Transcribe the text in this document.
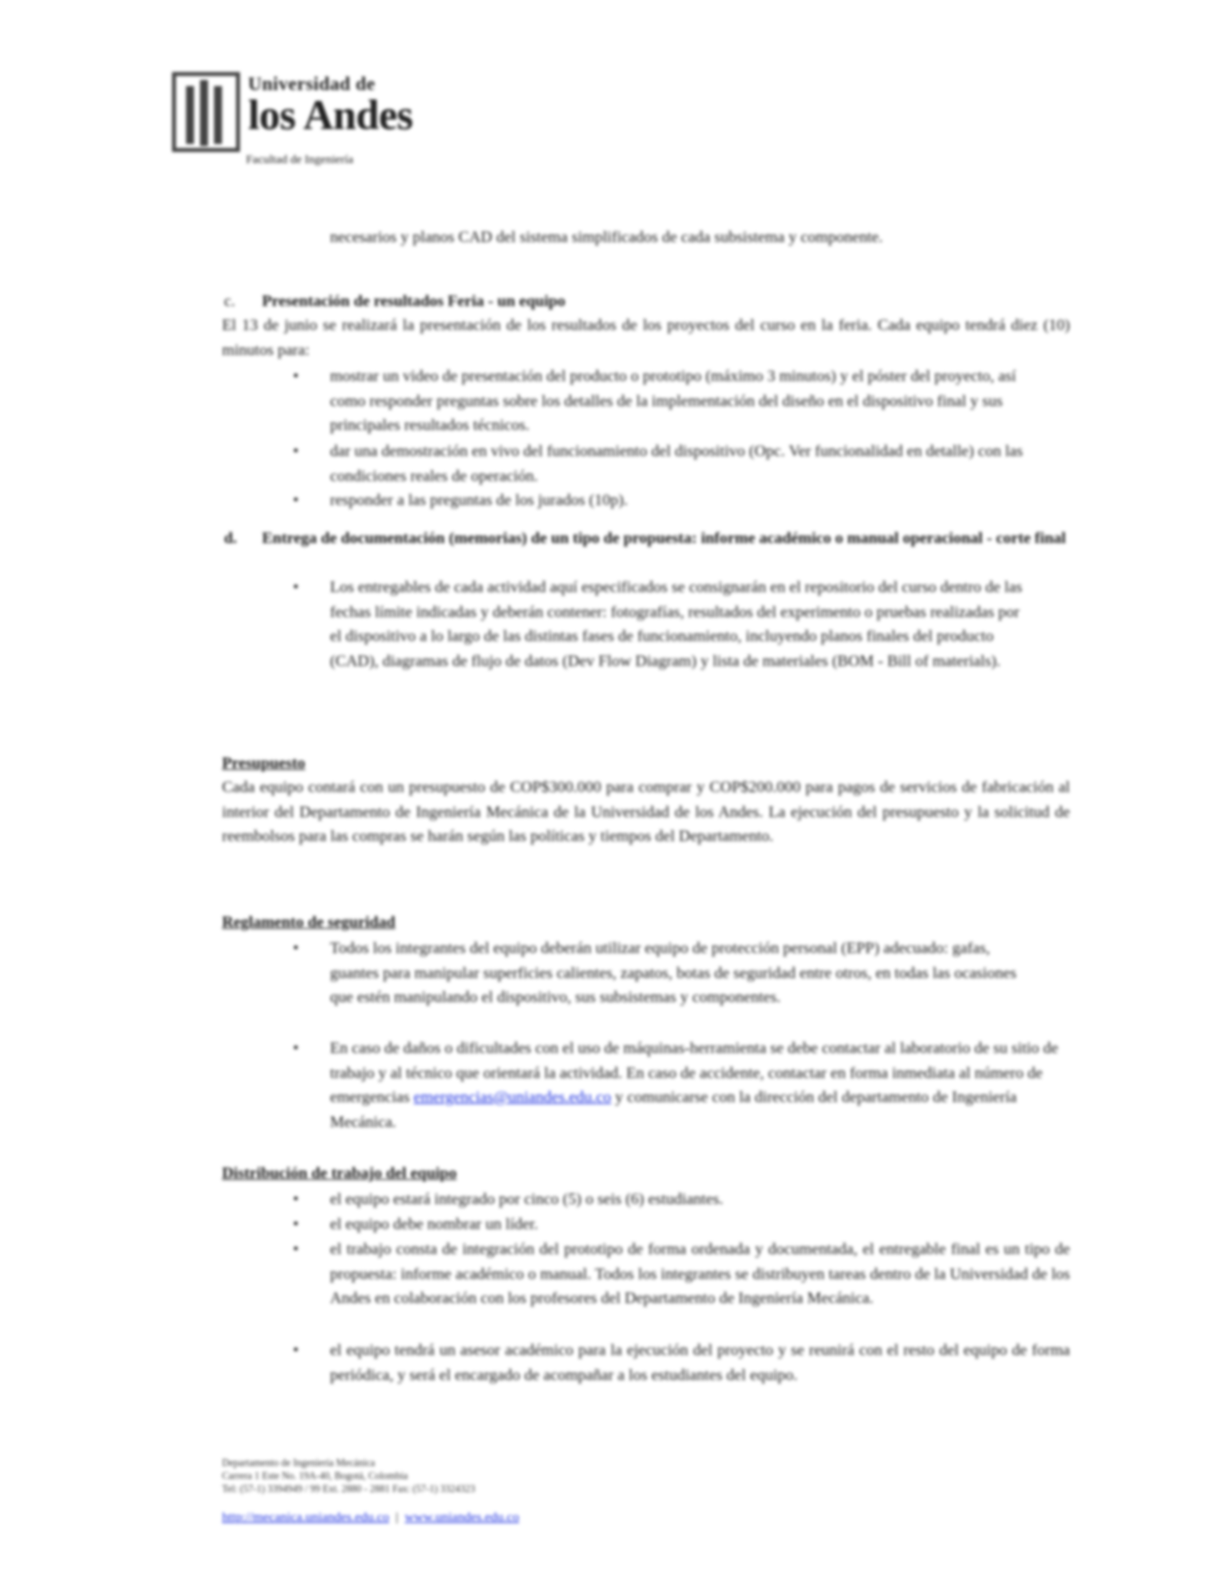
Universidad de
los Andes
Facultad de Ingeniería

necesarios y planos CAD del sistema simplificados de cada subsistema y componente.

c. Presentación de resultados Feria - un equipo

El 13 de junio se realizará la presentación de los resultados de los proyectos del curso en la feria. Cada equipo tendrá diez (10) minutos para:

• mostrar un video de presentación del producto o prototipo (máximo 3 minutos) y el póster del proyecto, así como responder preguntas sobre los detalles de la implementación del diseño en el dispositivo final y sus principales resultados técnicos.

• dar una demostración en vivo del funcionamiento del dispositivo (Opc. Ver funcionalidad en detalle) con las condiciones reales de operación.

• responder a las preguntas de los jurados (10p).

d. Entrega de documentación (memorias) de un tipo de propuesta: informe académico o manual operacional - corte final

• Los entregables de cada actividad aquí especificados se consignarán en el repositorio del curso dentro de las fechas límite indicadas y deberán contener: fotografías, resultados del experimento o pruebas realizadas por el dispositivo a lo largo de las distintas fases de funcionamiento, incluyendo planos finales del producto (CAD), diagramas de flujo de datos (Dev Flow Diagram) y lista de materiales (BOM - Bill of materials).

Presupuesto

Cada equipo contará con un presupuesto de COP$300.000 para comprar y COP$200.000 para pagos de servicios de fabricación al interior del Departamento de Ingeniería Mecánica de la Universidad de los Andes. La ejecución del presupuesto y la solicitud de reembolsos para las compras se harán según las políticas y tiempos del Departamento.

Reglamento de seguridad

• Todos los integrantes del equipo deberán utilizar equipo de protección personal (EPP) adecuado: gafas, guantes para manipular superficies calientes, zapatos, botas de seguridad entre otros, en todas las ocasiones que estén manipulando el dispositivo, sus subsistemas y componentes.

• En caso de daños o dificultades con el uso de máquinas-herramienta se debe contactar al laboratorio de su sitio de trabajo y al técnico que orientará la actividad. En caso de accidente, contactar en forma inmediata al número de emergencias emergencias@uniandes.edu.co y comunicarse con la dirección del departamento de Ingeniería Mecánica.

Distribución de trabajo del equipo

• el equipo estará integrado por cinco (5) o seis (6) estudiantes.

• el equipo debe nombrar un líder.

• el trabajo consta de integración del prototipo de forma ordenada y documentada, el entregable final es un tipo de propuesta: informe académico o manual. Todos los integrantes se distribuyen tareas dentro de la Universidad de los Andes en colaboración con los profesores del Departamento de Ingeniería Mecánica.

• el equipo tendrá un asesor académico para la ejecución del proyecto y se reunirá con el resto del equipo de forma periódica, y será el encargado de acompañar a los estudiantes del equipo.

Departamento de Ingeniería Mecánica
Carrera 1 Este No. 19A-40, Bogotá, Colombia
Tel: (57-1) 3394949 / 99 Ext. 2880 - 2881 Fax: (57-1) 3324323
http://mecanica.uniandes.edu.co  |  www.uniandes.edu.co
